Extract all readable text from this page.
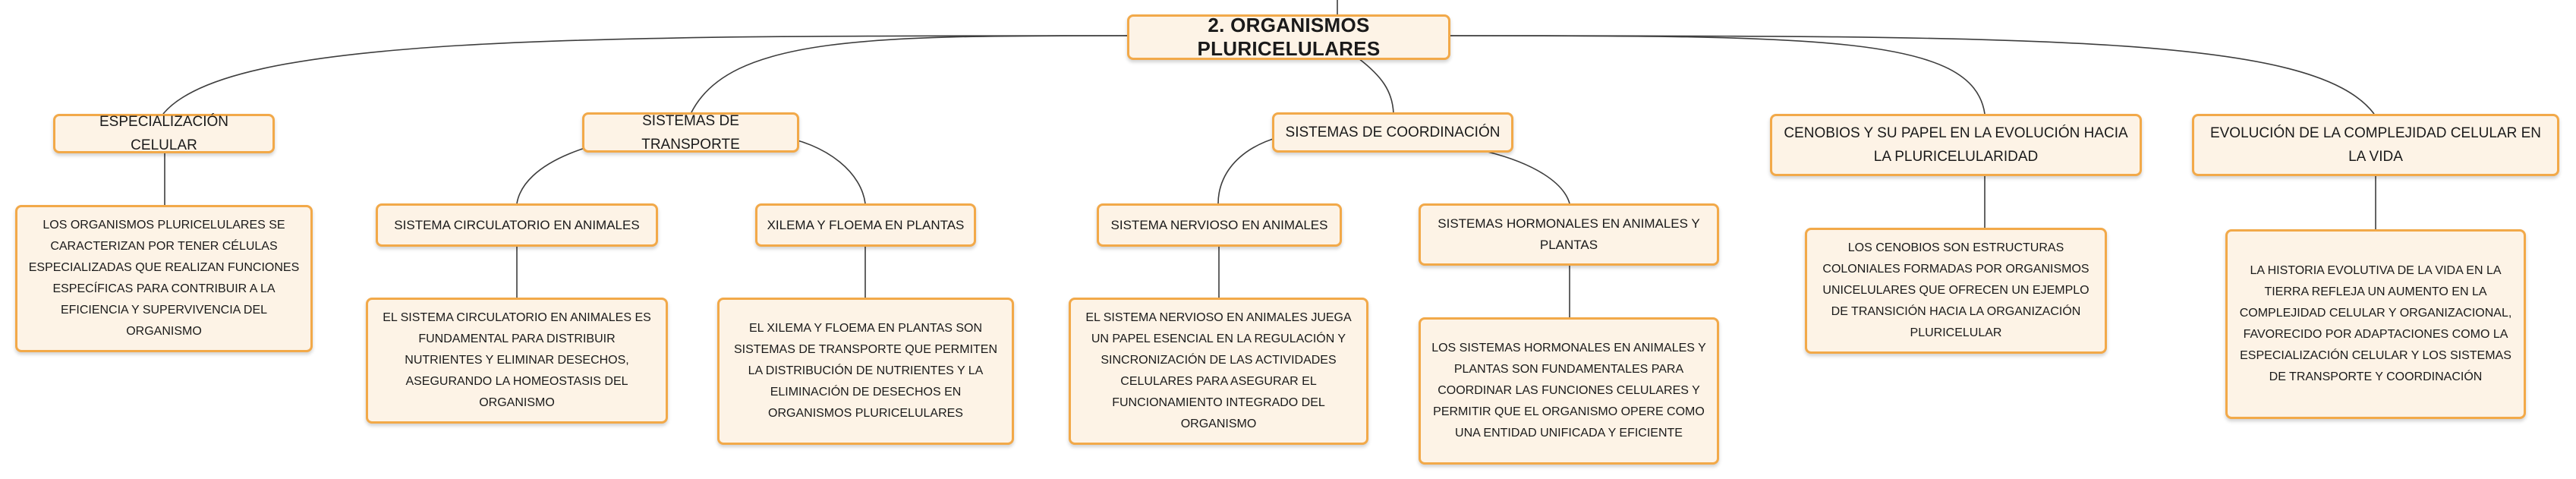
2. ORGANISMOS PLURICELULARES
ESPECIALIZACIÓN CELULAR
LOS ORGANISMOS PLURICELULARES SE CARACTERIZAN POR TENER CÉLULAS ESPECIALIZADAS QUE REALIZAN FUNCIONES ESPECÍFICAS PARA CONTRIBUIR A LA EFICIENCIA Y SUPERVIVENCIA DEL ORGANISMO
SISTEMAS DE TRANSPORTE
SISTEMA CIRCULATORIO EN ANIMALES
EL SISTEMA CIRCULATORIO EN ANIMALES ES FUNDAMENTAL PARA DISTRIBUIR NUTRIENTES Y ELIMINAR DESECHOS, ASEGURANDO LA HOMEOSTASIS DEL ORGANISMO
XILEMA Y FLOEMA EN PLANTAS
EL XILEMA Y FLOEMA EN PLANTAS SON SISTEMAS DE TRANSPORTE QUE PERMITEN LA DISTRIBUCIÓN DE NUTRIENTES Y LA ELIMINACIÓN DE DESECHOS EN ORGANISMOS PLURICELULARES
SISTEMAS DE COORDINACIÓN
SISTEMA NERVIOSO EN ANIMALES
EL SISTEMA NERVIOSO EN ANIMALES JUEGA UN PAPEL ESENCIAL EN LA REGULACIÓN Y SINCRONIZACIÓN DE LAS ACTIVIDADES CELULARES PARA ASEGURAR EL FUNCIONAMIENTO INTEGRADO DEL ORGANISMO
SISTEMAS HORMONALES EN ANIMALES Y PLANTAS
LOS SISTEMAS HORMONALES EN ANIMALES Y PLANTAS SON FUNDAMENTALES PARA COORDINAR LAS FUNCIONES CELULARES Y PERMITIR QUE EL ORGANISMO OPERE COMO UNA ENTIDAD UNIFICADA Y EFICIENTE
CENOBIOS Y SU PAPEL EN LA EVOLUCIÓN HACIA LA PLURICELULARIDAD
LOS CENOBIOS SON ESTRUCTURAS COLONIALES FORMADAS POR ORGANISMOS UNICELULARES QUE OFRECEN UN EJEMPLO DE TRANSICIÓN HACIA LA ORGANIZACIÓN PLURICELULAR
EVOLUCIÓN DE LA COMPLEJIDAD CELULAR EN LA VIDA
LA HISTORIA EVOLUTIVA DE LA VIDA EN LA TIERRA REFLEJA UN AUMENTO EN LA COMPLEJIDAD CELULAR Y ORGANIZACIONAL, FAVORECIDO POR ADAPTACIONES COMO LA ESPECIALIZACIÓN CELULAR Y LOS SISTEMAS DE TRANSPORTE Y COORDINACIÓN
